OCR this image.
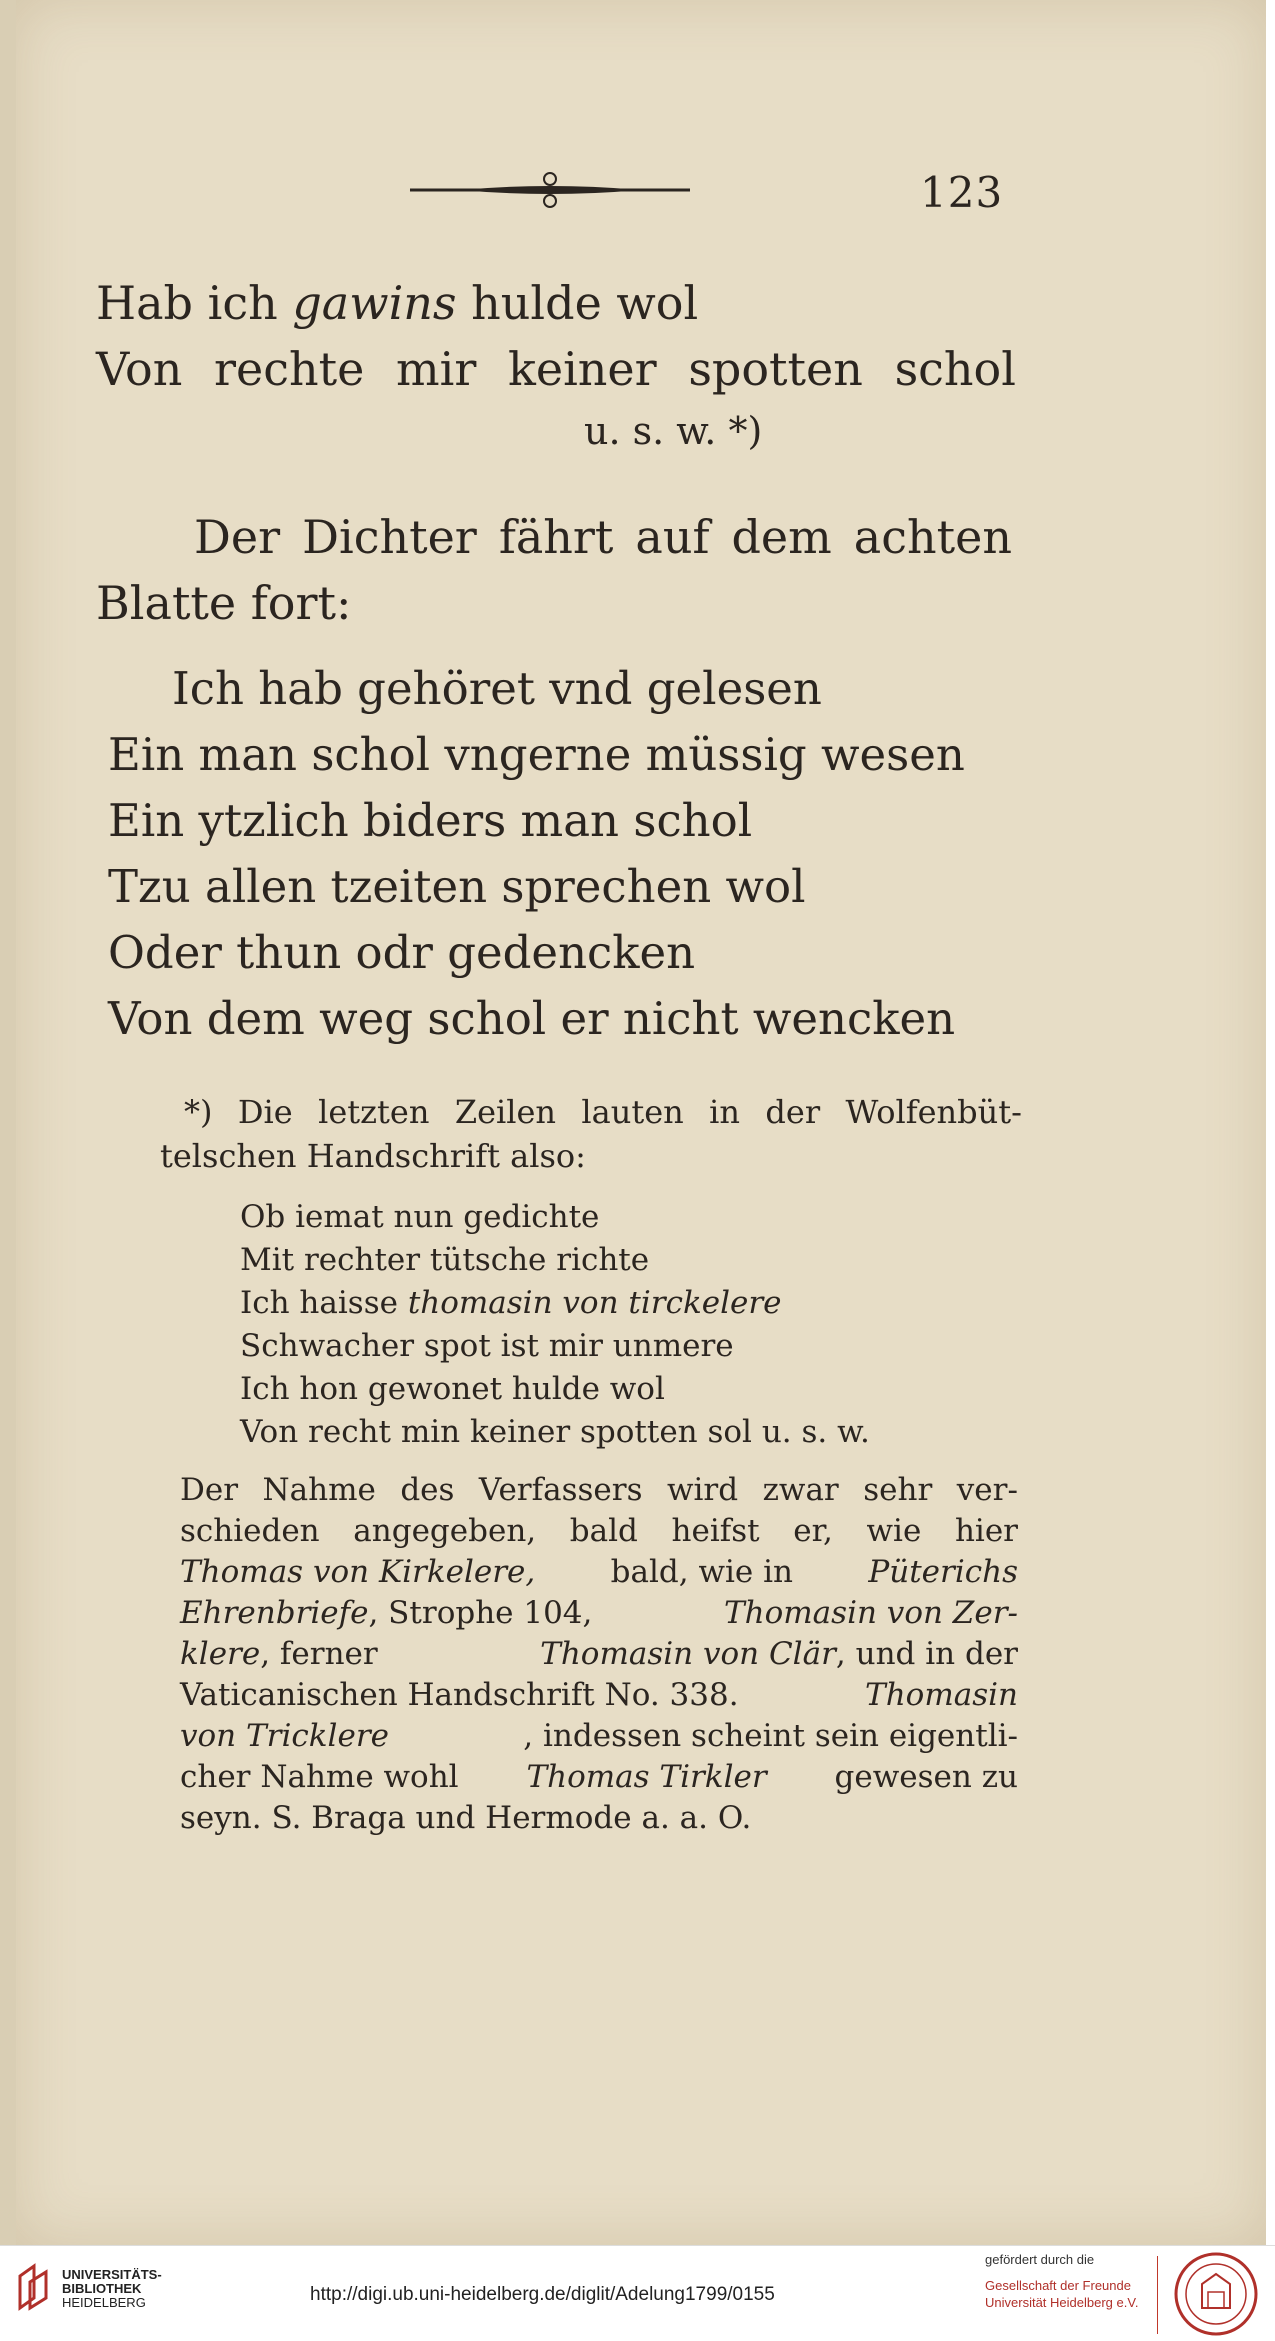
123
Hab ich gawins hulde wol
Von rechte mir keiner spotten schol
u. s. w. *)
Der Dichter fährt auf dem achten
Blatte fort:
Ich hab gehöret vnd gelesen
Ein man schol vngerne müssig wesen
Ein ytzlich biders man schol
Tzu allen tzeiten sprechen wol
Oder thun odr gedencken
Von dem weg schol er nicht wencken
*) Die letzten Zeilen lauten in der Wolfenbüt-
telschen Handschrift also:
Ob iemat nun gedichte
Mit rechter tütsche richte
Ich haisse thomasin von tirckelere
Schwacher spot ist mir unmere
Ich hon gewonet hulde wol
Von recht min keiner spotten sol u. s. w.
Der Nahme des Verfassers wird zwar sehr ver-
schieden angegeben, bald heifst er, wie hier
Thomas von Kirkelere, bald, wie in Püterichs
Ehrenbriefe, Strophe 104,	Thomasin von Zer-
klere, ferner	Thomasin von Clär, und in der
Vaticanischen Handschrift No. 338.	Thomasin
von Tricklere	, indessen scheint sein eigentli-
cher Nahme wohl Thomas Tirkler gewesen zu
seyn. S. Braga und Hermode a. a. O.
UNIVERSITÄTS-
BIBLIOTHEK
HEIDELBERG	http://digi.ub.uni-heidelberg.de/diglit/Adelung1799/0155
gefördert durch die
Gesellschaft der Freunde
Universität Heidelberg e.V.
